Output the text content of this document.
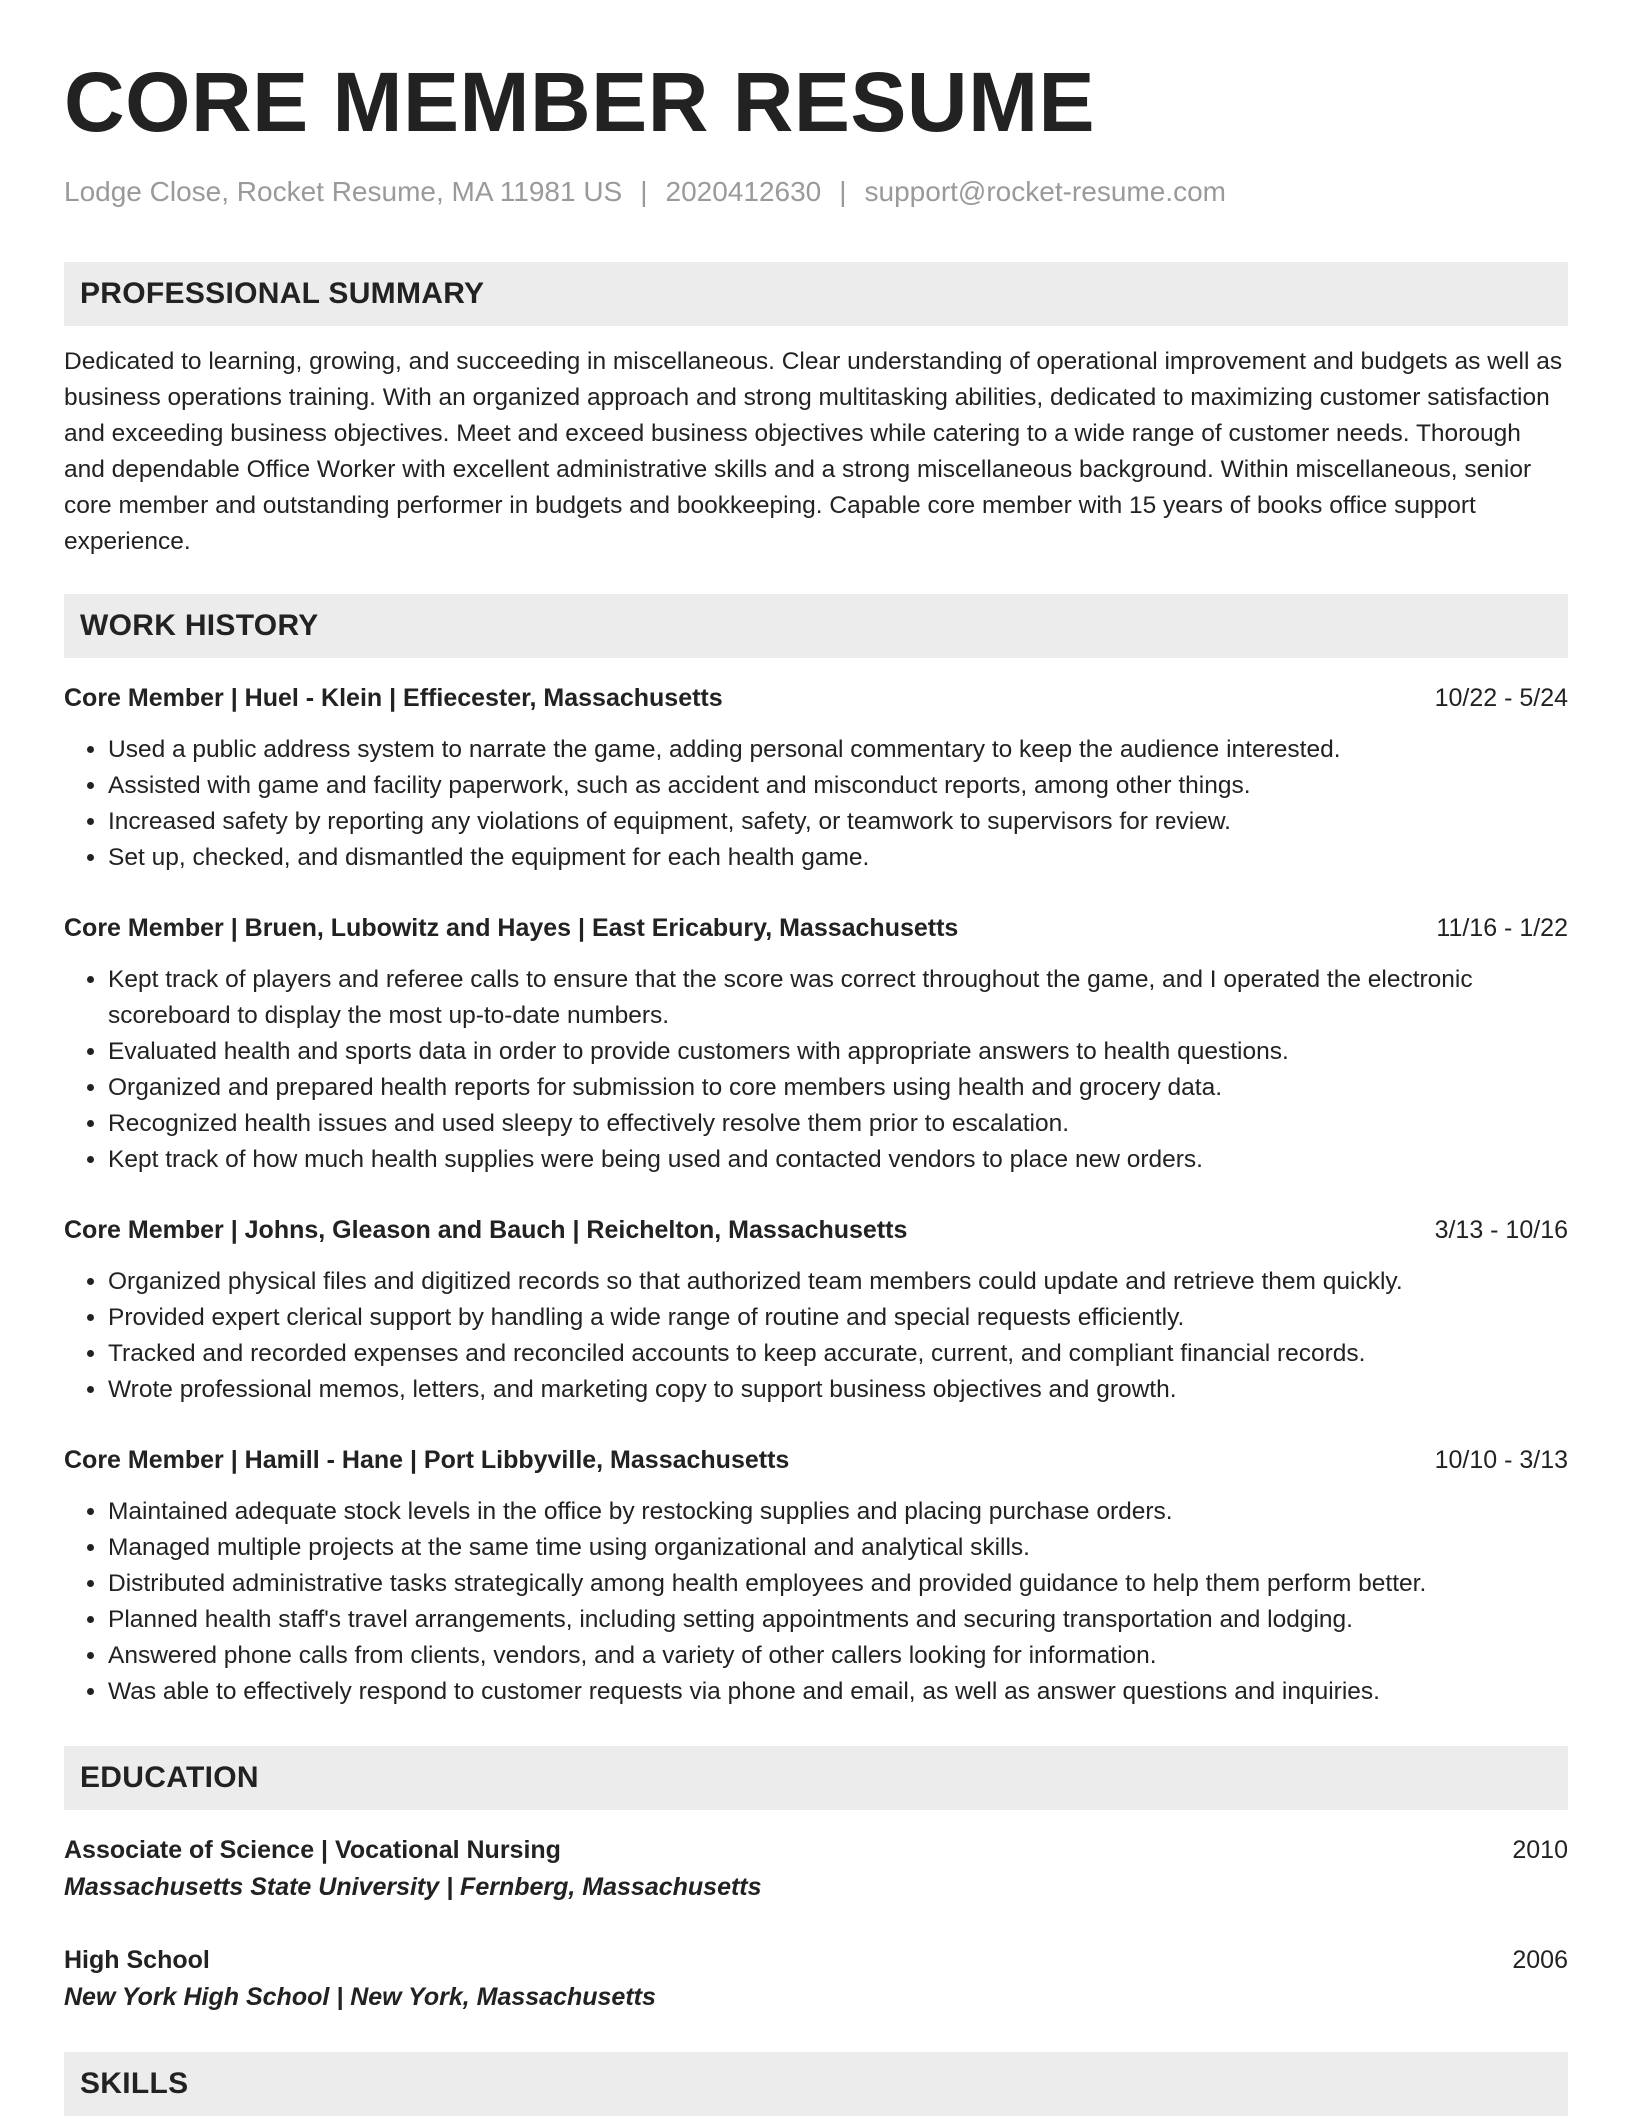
CORE MEMBER RESUME
Lodge Close, Rocket Resume, MA 11981 US | 2020412630 | support@rocket-resume.com
PROFESSIONAL SUMMARY
Dedicated to learning, growing, and succeeding in miscellaneous. Clear understanding of operational improvement and budgets as well as business operations training. With an organized approach and strong multitasking abilities, dedicated to maximizing customer satisfaction and exceeding business objectives. Meet and exceed business objectives while catering to a wide range of customer needs. Thorough and dependable Office Worker with excellent administrative skills and a strong miscellaneous background. Within miscellaneous, senior core member and outstanding performer in budgets and bookkeeping. Capable core member with 15 years of books office support experience.
WORK HISTORY
Core Member | Huel - Klein | Effiecester, Massachusetts	10/22 - 5/24
• Used a public address system to narrate the game, adding personal commentary to keep the audience interested.
• Assisted with game and facility paperwork, such as accident and misconduct reports, among other things.
• Increased safety by reporting any violations of equipment, safety, or teamwork to supervisors for review.
• Set up, checked, and dismantled the equipment for each health game.
Core Member | Bruen, Lubowitz and Hayes | East Ericabury, Massachusetts	11/16 - 1/22
• Kept track of players and referee calls to ensure that the score was correct throughout the game, and I operated the electronic scoreboard to display the most up-to-date numbers.
• Evaluated health and sports data in order to provide customers with appropriate answers to health questions.
• Organized and prepared health reports for submission to core members using health and grocery data.
• Recognized health issues and used sleepy to effectively resolve them prior to escalation.
• Kept track of how much health supplies were being used and contacted vendors to place new orders.
Core Member | Johns, Gleason and Bauch | Reichelton, Massachusetts	3/13 - 10/16
• Organized physical files and digitized records so that authorized team members could update and retrieve them quickly.
• Provided expert clerical support by handling a wide range of routine and special requests efficiently.
• Tracked and recorded expenses and reconciled accounts to keep accurate, current, and compliant financial records.
• Wrote professional memos, letters, and marketing copy to support business objectives and growth.
Core Member | Hamill - Hane | Port Libbyville, Massachusetts	10/10 - 3/13
• Maintained adequate stock levels in the office by restocking supplies and placing purchase orders.
• Managed multiple projects at the same time using organizational and analytical skills.
• Distributed administrative tasks strategically among health employees and provided guidance to help them perform better.
• Planned health staff's travel arrangements, including setting appointments and securing transportation and lodging.
• Answered phone calls from clients, vendors, and a variety of other callers looking for information.
• Was able to effectively respond to customer requests via phone and email, as well as answer questions and inquiries.
EDUCATION
Associate of Science | Vocational Nursing	2010
Massachusetts State University | Fernberg, Massachusetts
High School	2006
New York High School | New York, Massachusetts
SKILLS
